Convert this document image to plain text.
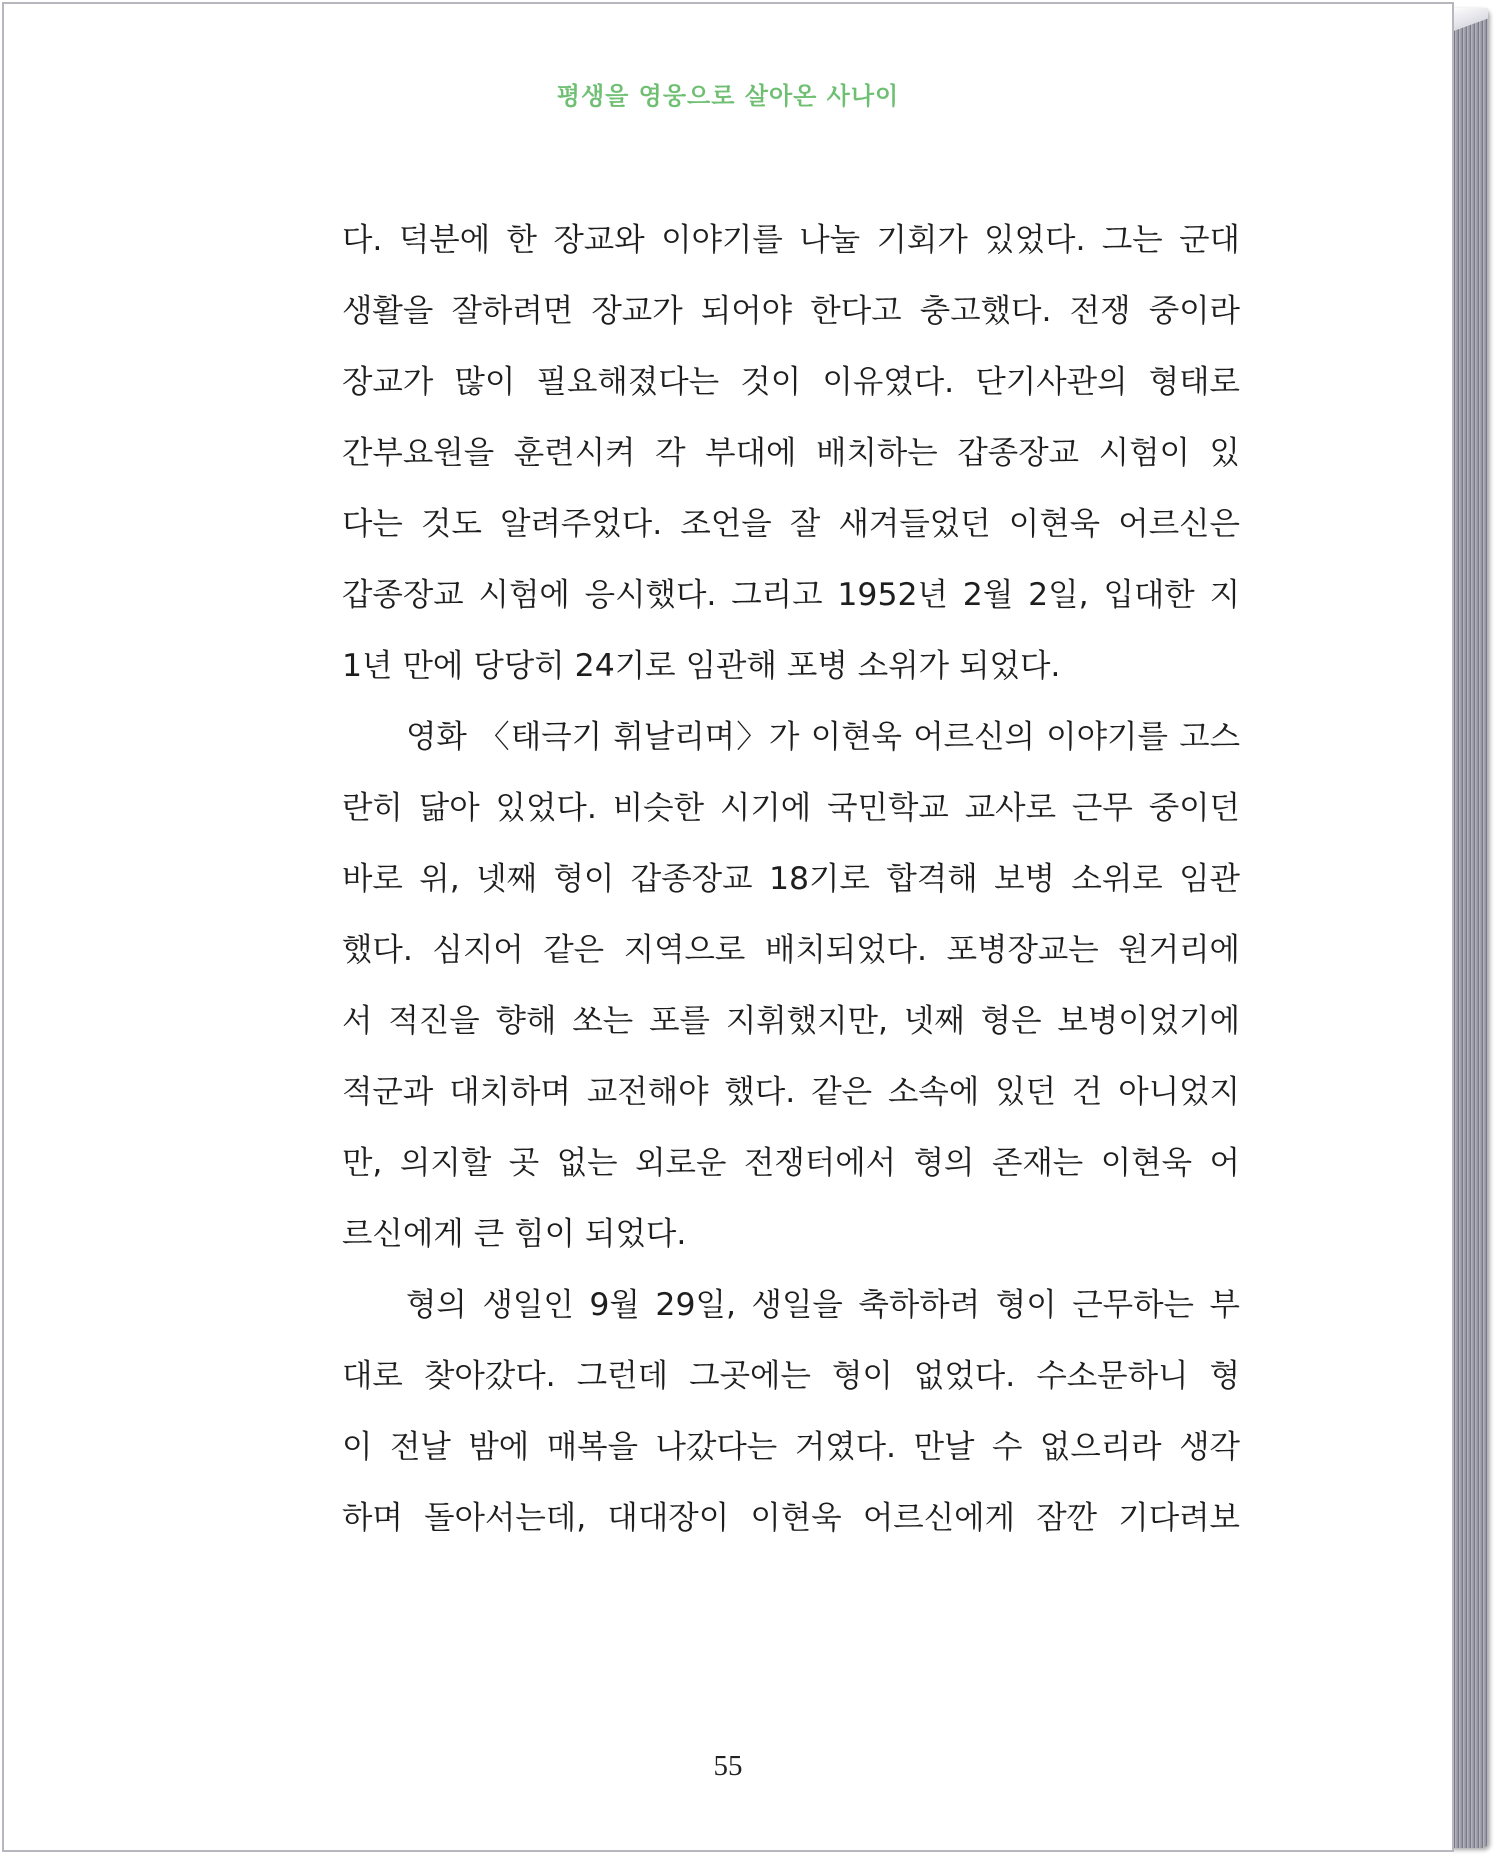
평생을 영웅으로 살아온 사나이
다. 덕분에 한 장교와 이야기를 나눌 기회가 있었다. 그는 군대
생활을 잘하려면 장교가 되어야 한다고 충고했다. 전쟁 중이라
장교가 많이 필요해졌다는 것이 이유였다. 단기사관의 형태로
간부요원을 훈련시켜 각 부대에 배치하는 갑종장교 시험이 있
다는 것도 알려주었다. 조언을 잘 새겨들었던 이현욱 어르신은
갑종장교 시험에 응시했다. 그리고 1952년 2월 2일, 입대한 지
1년 만에 당당히 24기로 임관해 포병 소위가 되었다.
영화 〈태극기 휘날리며〉가 이현욱 어르신의 이야기를 고스
란히 닮아 있었다. 비슷한 시기에 국민학교 교사로 근무 중이던
바로 위, 넷째 형이 갑종장교 18기로 합격해 보병 소위로 임관
했다. 심지어 같은 지역으로 배치되었다. 포병장교는 원거리에
서 적진을 향해 쏘는 포를 지휘했지만, 넷째 형은 보병이었기에
적군과 대치하며 교전해야 했다. 같은 소속에 있던 건 아니었지
만, 의지할 곳 없는 외로운 전쟁터에서 형의 존재는 이현욱 어
르신에게 큰 힘이 되었다.
형의 생일인 9월 29일, 생일을 축하하려 형이 근무하는 부
대로 찾아갔다. 그런데 그곳에는 형이 없었다. 수소문하니 형
이 전날 밤에 매복을 나갔다는 거였다. 만날 수 없으리라 생각
하며 돌아서는데, 대대장이 이현욱 어르신에게 잠깐 기다려보
55
